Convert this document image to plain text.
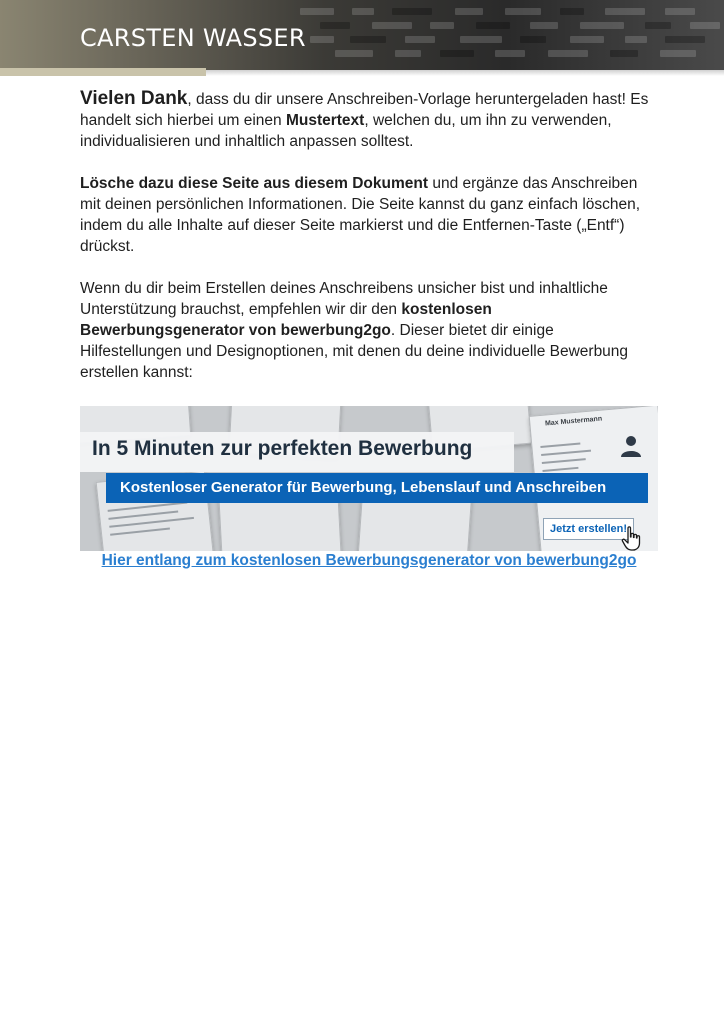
CARSTEN WASSER

Vielen Dank, dass du dir unsere Anschreiben-Vorlage heruntergeladen hast! Es handelt sich hierbei um einen Mustertext, welchen du, um ihn zu verwenden, individualisieren und inhaltlich anpassen solltest.

Lösche dazu diese Seite aus diesem Dokument und ergänze das Anschreiben mit deinen persönlichen Informationen. Die Seite kannst du ganz einfach löschen, indem du alle Inhalte auf dieser Seite markierst und die Entfernen-Taste („Entf“) drückst.

Wenn du dir beim Erstellen deines Anschreibens unsicher bist und inhaltliche Unterstützung brauchst, empfehlen wir dir den kostenlosen Bewerbungsgenerator von bewerbung2go. Dieser bietet dir einige Hilfestellungen und Designoptionen, mit denen du deine individuelle Bewerbung erstellen kannst:

Max Mustermann
In 5 Minuten zur perfekten Bewerbung
Kostenloser Generator für Bewerbung, Lebenslauf und Anschreiben
Jetzt erstellen!
Hier entlang zum kostenlosen Bewerbungsgenerator von bewerbung2go
